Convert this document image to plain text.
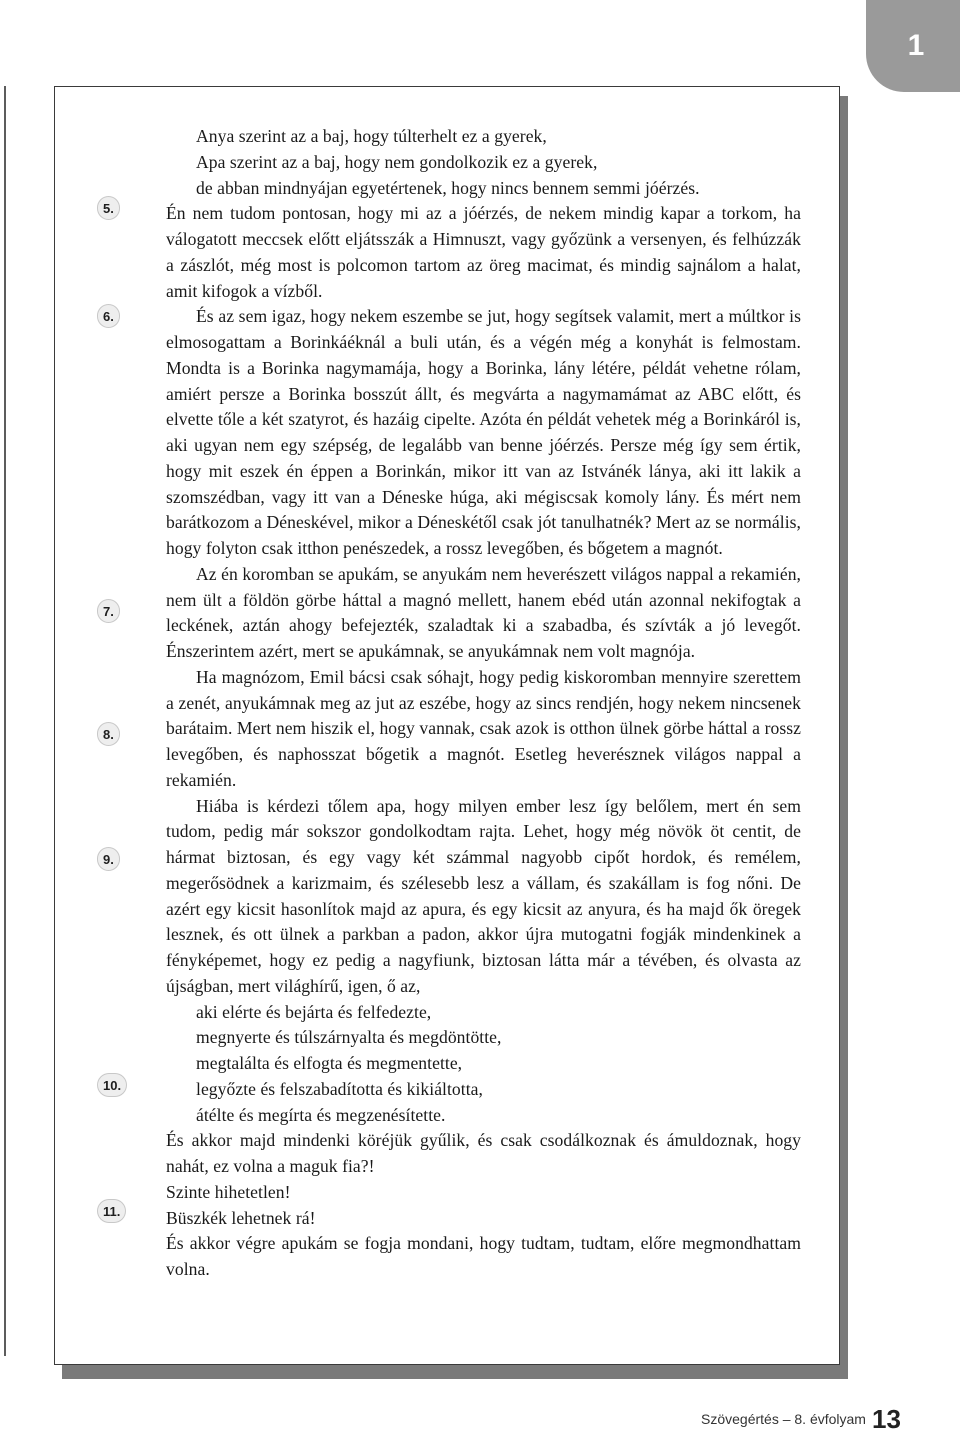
1
5.
6.
7.
8.
9.
10.
11.

Anya szerint az a baj, hogy túlterhelt ez a gyerek,

Apa szerint az a baj, hogy nem gondolkozik ez a gyerek,

de abban mindnyájan egyetértenek, hogy nincs bennem semmi jóérzés.

Én nem tudom pontosan, hogy mi az a jóérzés, de nekem mindig kapar a torkom, ha válogatott meccsek előtt eljátsszák a Himnuszt, vagy győzünk a versenyen, és felhúzzák a zászlót, még most is polcomon tartom az öreg macimat, és mindig sajnálom a halat, amit kifogok a vízből.

És az sem igaz, hogy nekem eszembe se jut, hogy segítsek valamit, mert a múltkor is elmosogattam a Borinkáéknál a buli után, és a végén még a konyhát is felmostam. Mondta is a Borinka nagymamája, hogy a Borinka, lány létére, példát vehetne rólam, amiért persze a Borinka bosszút állt, és megvárta a nagymamámat az ABC előtt, és elvette tőle a két szatyrot, és hazáig cipelte. Azóta én példát vehetek még a Borinkáról is, aki ugyan nem egy szépség, de legalább van benne jóérzés. Persze még így sem értik, hogy mit eszek én éppen a Borinkán, mikor itt van az Istvánék lánya, aki itt lakik a szomszédban, vagy itt van a Déneske húga, aki mégiscsak komoly lány. És mért nem barátkozom a Déneskével, mikor a Déneskétől csak jót tanulhatnék? Mert az se normális, hogy folyton csak itthon penészedek, a rossz levegőben, és bőgetem a magnót.

Az én koromban se apukám, se anyukám nem heverészett világos nappal a rekamién, nem ült a földön görbe háttal a magnó mellett, hanem ebéd után azonnal nekifogtak a leckének, aztán ahogy befejezték, szaladtak ki a szabadba, és szívták a jó levegőt. Énszerintem azért, mert se apukámnak, se anyukámnak nem volt magnója.

Ha magnózom, Emil bácsi csak sóhajt, hogy pedig kiskoromban mennyire szerettem a zenét, anyukámnak meg az jut az eszébe, hogy az sincs rendjén, hogy nekem nincsenek barátaim. Mert nem hiszik el, hogy vannak, csak azok is otthon ülnek görbe háttal a rossz levegőben, és naphosszat bőgetik a magnót. Esetleg heverésznek világos nappal a rekamién.

Hiába is kérdezi tőlem apa, hogy milyen ember lesz így belőlem, mert én sem tudom, pedig már sokszor gondolkodtam rajta. Lehet, hogy még növök öt centit, de hármat biztosan, és egy vagy két számmal nagyobb cipőt hordok, és remélem, megerősödnek a karizmaim, és szélesebb lesz a vállam, és szakállam is fog nőni. De azért egy kicsit hasonlítok majd az apura, és egy kicsit az anyura, és ha majd ők öregek lesznek, és ott ülnek a parkban a padon, akkor újra mutogatni fogják mindenkinek a fényképemet, hogy ez pedig a nagyfiunk, biztosan látta már a tévében, és olvasta az újságban, mert világhírű, igen, ő az,

aki elérte és bejárta és felfedezte,

megnyerte és túlszárnyalta és megdöntötte,

megtalálta és elfogta és megmentette,

legyőzte és felszabadította és kikiáltotta,

átélte és megírta és megzenésítette.

És akkor majd mindenki köréjük gyűlik, és csak csodálkoznak és ámuldoznak, hogy nahát, ez volna a maguk fia?!

Szinte hihetetlen!

Büszkék lehetnek rá!

És akkor végre apukám se fogja mondani, hogy tudtam, tudtam, előre megmondhattam volna.

Szövegértés – 8. évfolyam 13
